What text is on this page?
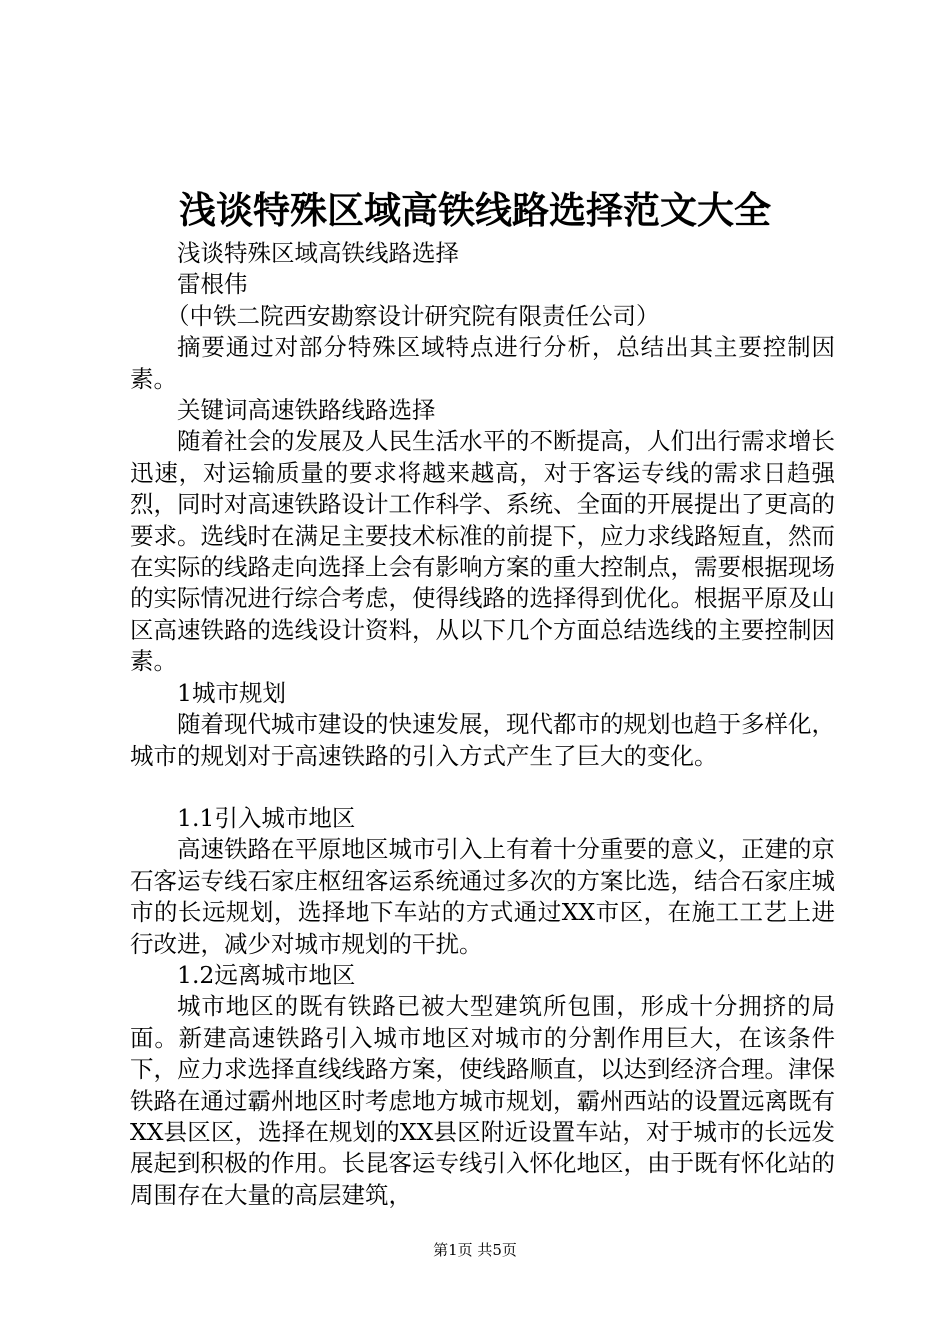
浅谈特殊区域高铁线路选择范文大全

浅谈特殊区域高铁线路选择

雷根伟

（中铁二院西安勘察设计研究院有限责任公司）

摘要通过对部分特殊区域特点进行分析，总结出其主要控制因素。

关键词高速铁路线路选择

随着社会的发展及人民生活水平的不断提高，人们出行需求增长迅速，对运输质量的要求将越来越高，对于客运专线的需求日趋强烈，同时对高速铁路设计工作科学、系统、全面的开展提出了更高的要求。选线时在满足主要技术标准的前提下，应力求线路短直，然而在实际的线路走向选择上会有影响方案的重大控制点，需要根据现场的实际情况进行综合考虑，使得线路的选择得到优化。根据平原及山区高速铁路的选线设计资料，从以下几个方面总结选线的主要控制因素。

1城市规划

随着现代城市建设的快速发展，现代都市的规划也趋于多样化，城市的规划对于高速铁路的引入方式产生了巨大的变化。

1.1引入城市地区

高速铁路在平原地区城市引入上有着十分重要的意义，正建的京石客运专线石家庄枢纽客运系统通过多次的方案比选，结合石家庄城市的长远规划，选择地下车站的方式通过XX市区，在施工工艺上进行改进，减少对城市规划的干扰。

1.2远离城市地区

城市地区的既有铁路已被大型建筑所包围，形成十分拥挤的局面。新建高速铁路引入城市地区对城市的分割作用巨大，在该条件下，应力求选择直线线路方案，使线路顺直，以达到经济合理。津保铁路在通过霸州地区时考虑地方城市规划，霸州西站的设置远离既有XX县区区，选择在规划的XX县区附近设置车站，对于城市的长远发展起到积极的作用。长昆客运专线引入怀化地区，由于既有怀化站的周围存在大量的高层建筑，

第1页 共5页
